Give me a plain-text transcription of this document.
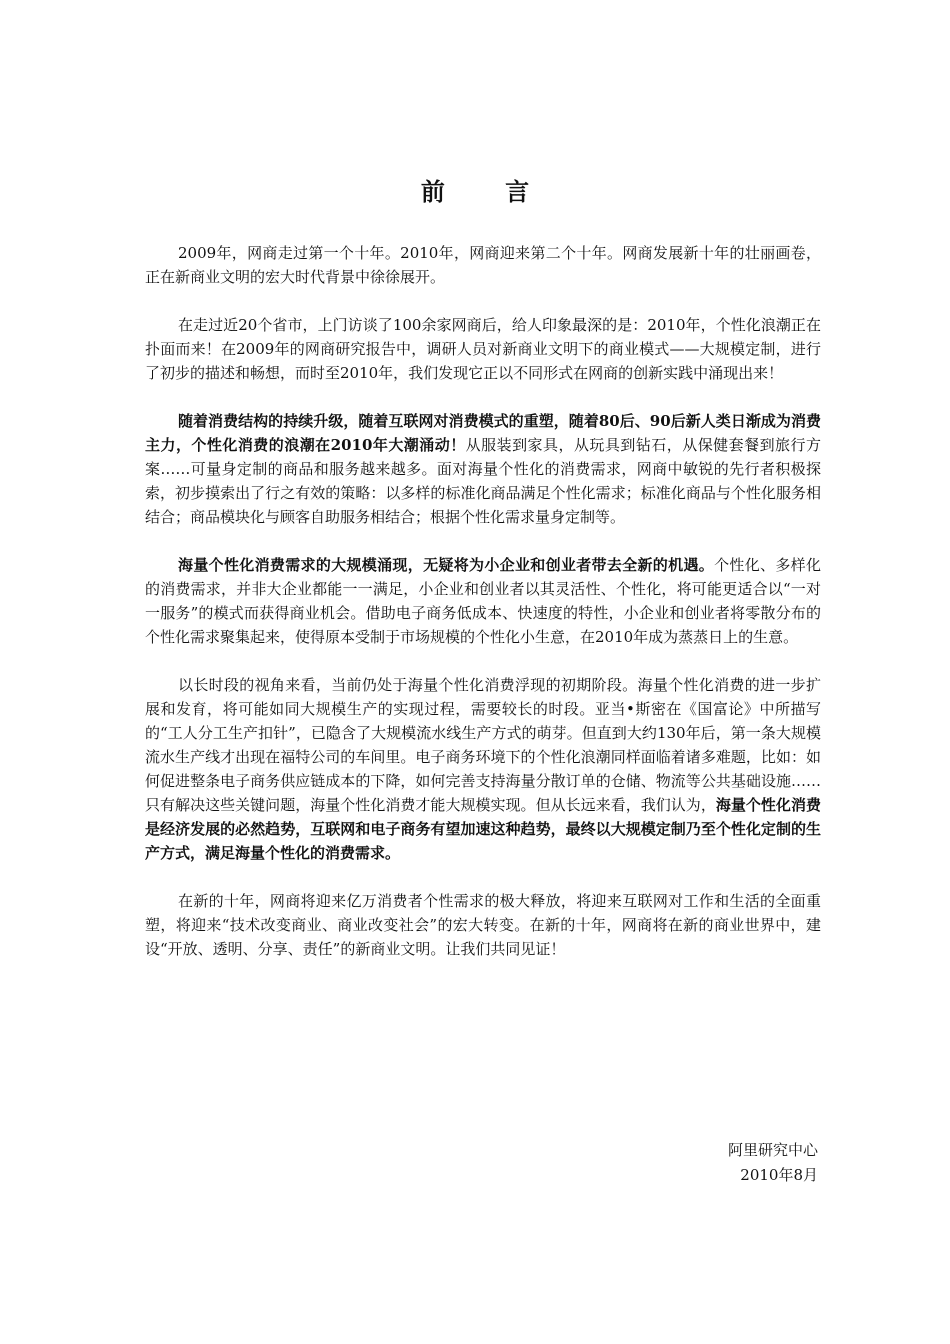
前 言

2009年，网商走过第一个十年。2010年，网商迎来第二个十年。网商发展新十年的壮丽画卷，正在新商业文明的宏大时代背景中徐徐展开。

在走过近20个省市，上门访谈了100余家网商后，给人印象最深的是：2010年，个性化浪潮正在扑面而来！在2009年的网商研究报告中，调研人员对新商业文明下的商业模式——大规模定制，进行了初步的描述和畅想，而时至2010年，我们发现它正以不同形式在网商的创新实践中涌现出来！

随着消费结构的持续升级，随着互联网对消费模式的重塑，随着80后、90后新人类日渐成为消费主力，个性化消费的浪潮在2010年大潮涌动！从服装到家具，从玩具到钻石，从保健套餐到旅行方案……可量身定制的商品和服务越来越多。面对海量个性化的消费需求，网商中敏锐的先行者积极探索，初步摸索出了行之有效的策略：以多样的标准化商品满足个性化需求；标准化商品与个性化服务相结合；商品模块化与顾客自助服务相结合；根据个性化需求量身定制等。

海量个性化消费需求的大规模涌现，无疑将为小企业和创业者带去全新的机遇。个性化、多样化的消费需求，并非大企业都能一一满足，小企业和创业者以其灵活性、个性化，将可能更适合以“一对一服务”的模式而获得商业机会。借助电子商务低成本、快速度的特性，小企业和创业者将零散分布的个性化需求聚集起来，使得原本受制于市场规模的个性化小生意，在2010年成为蒸蒸日上的生意。

以长时段的视角来看，当前仍处于海量个性化消费浮现的初期阶段。海量个性化消费的进一步扩展和发育，将可能如同大规模生产的实现过程，需要较长的时段。亚当•斯密在《国富论》中所描写的“工人分工生产扣针”，已隐含了大规模流水线生产方式的萌芽。但直到大约130年后，第一条大规模流水生产线才出现在福特公司的车间里。电子商务环境下的个性化浪潮同样面临着诸多难题，比如：如何促进整条电子商务供应链成本的下降，如何完善支持海量分散订单的仓储、物流等公共基础设施……只有解决这些关键问题，海量个性化消费才能大规模实现。但从长远来看，我们认为，海量个性化消费是经济发展的必然趋势，互联网和电子商务有望加速这种趋势，最终以大规模定制乃至个性化定制的生产方式，满足海量个性化的消费需求。

在新的十年，网商将迎来亿万消费者个性需求的极大释放，将迎来互联网对工作和生活的全面重塑，将迎来“技术改变商业、商业改变社会”的宏大转变。在新的十年，网商将在新的商业世界中，建设“开放、透明、分享、责任”的新商业文明。让我们共同见证！

阿里研究中心
2010年8月
